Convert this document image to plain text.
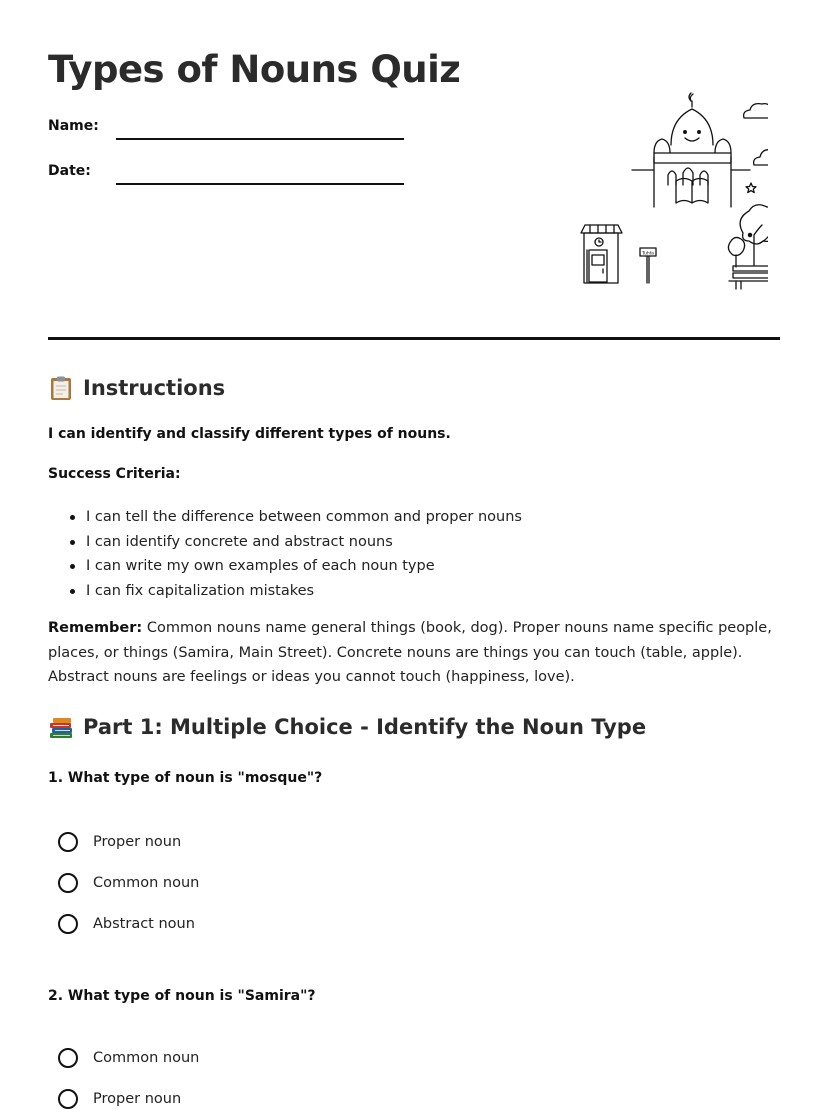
Types of Nouns Quiz
Name:
Date:
Tuhfa
Instructions
I can identify and classify different types of nouns.
Success Criteria:
I can tell the difference between common and proper nouns
I can identify concrete and abstract nouns
I can write my own examples of each noun type
I can fix capitalization mistakes
Remember: Common nouns name general things (book, dog). Proper nouns name specific people, places, or things (Samira, Main Street). Concrete nouns are things you can touch (table, apple). Abstract nouns are feelings or ideas you cannot touch (happiness, love).
Part 1: Multiple Choice - Identify the Noun Type
1. What type of noun is "mosque"?
Proper noun
Common noun
Abstract noun
2. What type of noun is "Samira"?
Common noun
Proper noun
